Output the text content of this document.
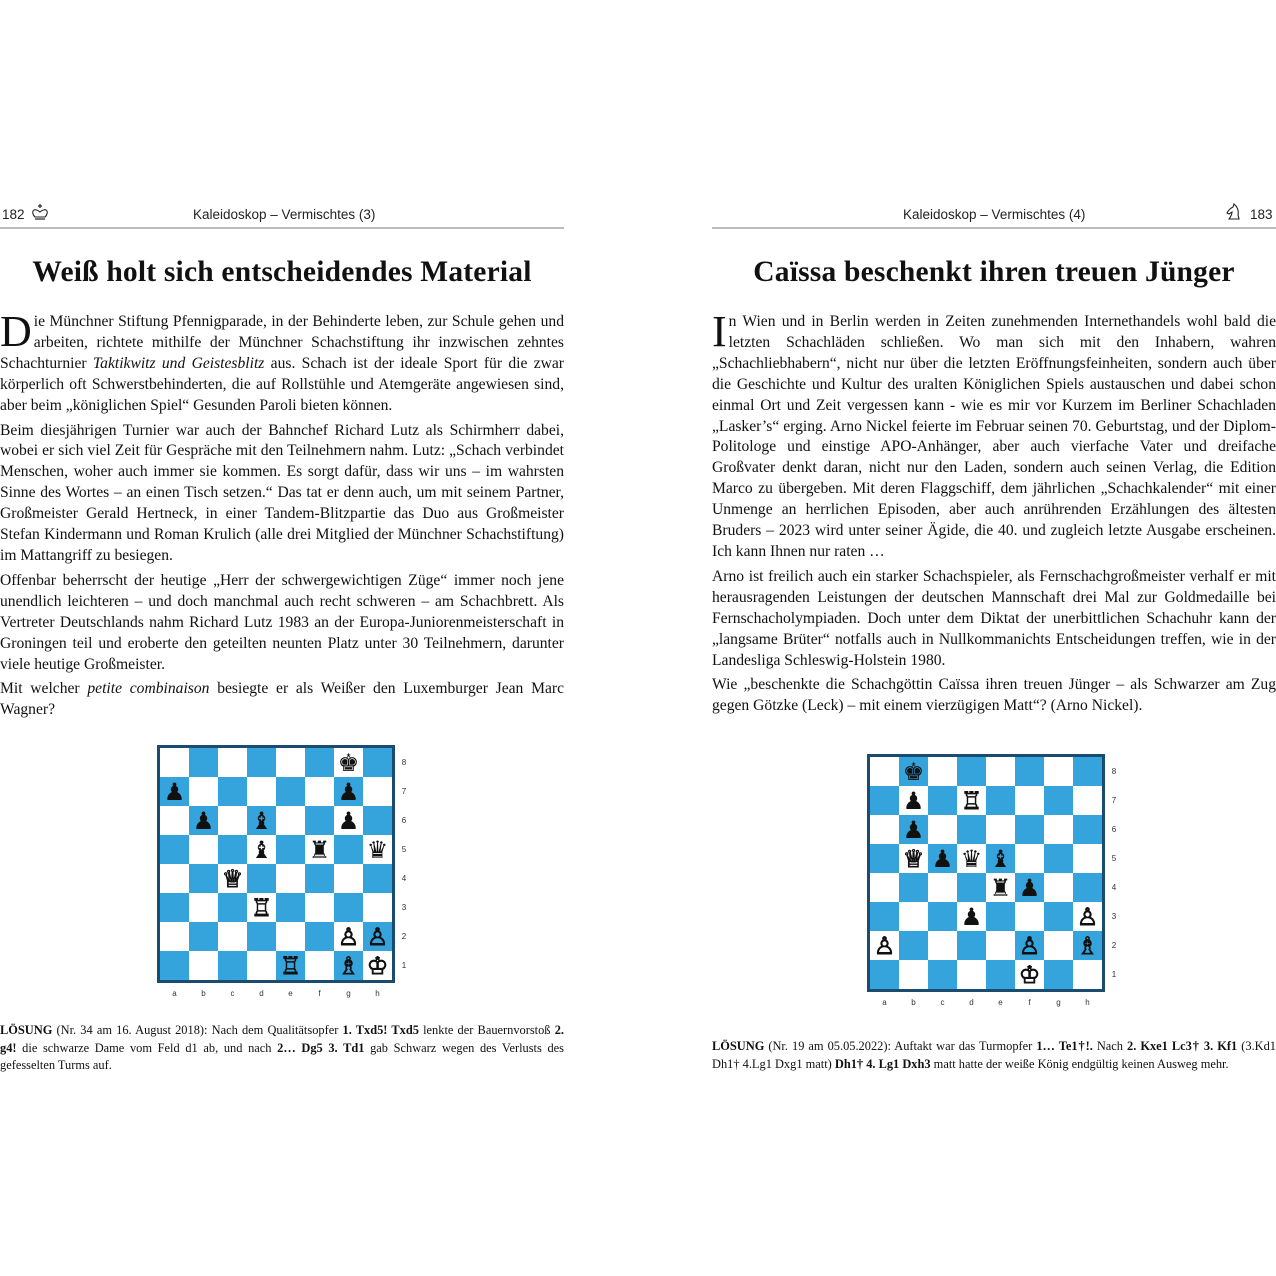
182	Kaleidoskop – Vermischtes (3)
Weiß holt sich entscheidendes Material

Die Münchner Stiftung Pfennigparade, in der Behinderte leben, zur Schule gehen und arbeiten, richtete mithilfe der Münchner Schachstiftung ihr inzwischen zehntes Schachturnier Taktikwitz und Geistesblitz aus. Schach ist der ideale Sport für die zwar körperlich oft Schwerstbehinderten, die auf Rollstühle und Atemgeräte angewiesen sind, aber beim „königlichen Spiel“ Gesunden Paroli bieten können.

Beim diesjährigen Turnier war auch der Bahnchef Richard Lutz als Schirmherr dabei, wobei er sich viel Zeit für Gespräche mit den Teilnehmern nahm. Lutz: „Schach verbindet Menschen, woher auch immer sie kommen. Es sorgt dafür, dass wir uns – im wahrsten Sinne des Wortes – an einen Tisch setzen.“ Das tat er denn auch, um mit seinem Partner, Großmeister Gerald Hertneck, in einer Tandem-Blitzpartie das Duo aus Großmeister Stefan Kindermann und Roman Krulich (alle drei Mitglied der Münchner Schachstiftung) im Mattangriff zu besiegen.

Offenbar beherrscht der heutige „Herr der schwergewichtigen Züge“ immer noch jene unendlich leichteren – und doch manchmal auch recht schweren – am Schachbrett. Als Vertreter Deutschlands nahm Richard Lutz 1983 an der Europa-Juniorenmeisterschaft in Groningen teil und eroberte den geteilten neunten Platz unter 30 Teilnehmern, darunter viele heutige Großmeister.

Mit welcher petite combinaison besiegte er als Weißer den Luxemburger Jean Marc Wagner?

♚
♟	♟
♟ ♝	♟
♝ ♜ ♛
♕
♖
♙ ♙
♖ ♗ ♔
8
7
6
5
4
3
2
1
a	b	c	d	e	f	g	h
LÖSUNG (Nr. 34 am 16. August 2018): Nach dem Qualitätsopfer 1. Txd5! Txd5 lenkte der Bauernvorstoß 2. g4! die schwarze Dame vom Feld d1 ab, und nach 2… Dg5 3. Td1 gab Schwarz wegen des Verlusts des gefesselten Turms auf.
Kaleidoskop – Vermischtes (4)	183
Caïssa beschenkt ihren treuen Jünger

In Wien und in Berlin werden in Zeiten zunehmenden Internethandels wohl bald die letzten Schachläden schließen. Wo man sich mit den Inhabern, wahren „Schachliebhabern“, nicht nur über die letzten Eröffnungsfeinheiten, sondern auch über die Geschichte und Kultur des uralten Königlichen Spiels austauschen und dabei schon einmal Ort und Zeit vergessen kann - wie es mir vor Kurzem im Berliner Schachladen „Lasker’s“ erging. Arno Nickel feierte im Februar seinen 70. Geburtstag, und der Diplom-Politologe und einstige APO-Anhänger, aber auch vierfache Vater und dreifache Großvater denkt daran, nicht nur den Laden, sondern auch seinen Verlag, die Edition Marco zu übergeben. Mit deren Flaggschiff, dem jährlichen „Schachkalender“ mit einer Unmenge an herrlichen Episoden, aber auch anrührenden Erzählungen des ältesten Bruders – 2023 wird unter seiner Ägide, die 40. und zugleich letzte Ausgabe erscheinen. Ich kann Ihnen nur raten …

Arno ist freilich auch ein starker Schachspieler, als Fernschachgroßmeister verhalf er mit herausragenden Leistungen der deutschen Mannschaft drei Mal zur Goldmedaille bei Fernschacholympiaden. Doch unter dem Diktat der unerbittlichen Schachuhr kann der „langsame Brüter“ notfalls auch in Nullkommanichts Entscheidungen treffen, wie in der Landesliga Schleswig-Holstein 1980.

Wie „beschenkte die Schachgöttin Caïssa ihren treuen Jünger – als Schwarzer am Zug gegen Götzke (Leck) – mit einem vierzügigen Matt“? (Arno Nickel).

♚
♟ ♖
♟
♕ ♟ ♛ ♝
♜ ♟
♟	♙
♙	♙ ♗
♔
8
7
6
5
4
3
2
1
a	b	c	d	e	f	g	h
LÖSUNG (Nr. 19 am 05.05.2022): Auftakt war das Turmopfer 1… Te1†!. Nach 2. Kxe1 Lc3† 3. Kf1 (3.Kd1 Dh1† 4.Lg1 Dxg1 matt) Dh1† 4. Lg1 Dxh3 matt hatte der weiße König endgültig keinen Ausweg mehr.
